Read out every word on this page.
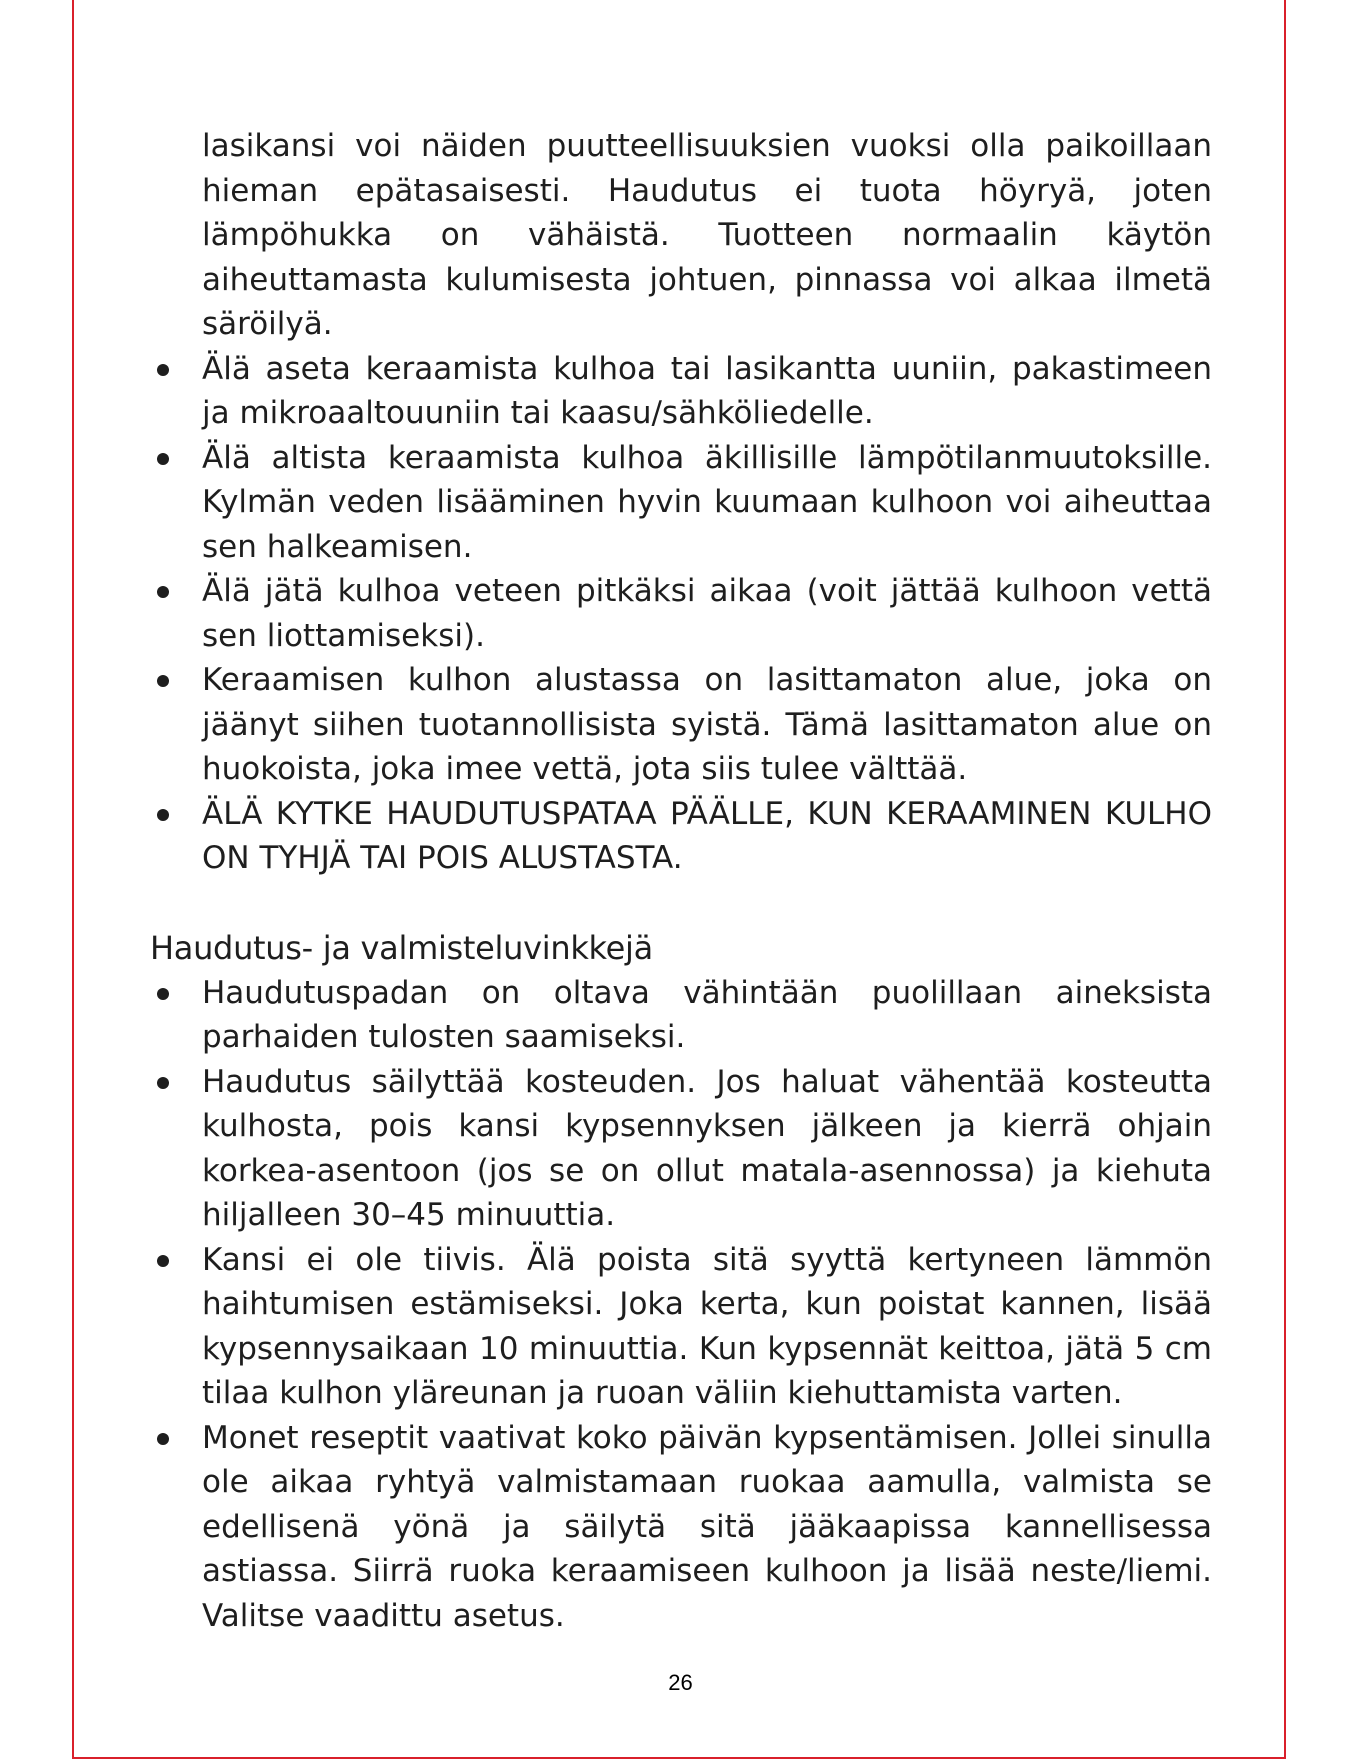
lasikansi voi näiden puutteellisuuksien vuoksi olla paikoillaan hieman epätasaisesti. Haudutus ei tuota höyryä, joten lämpöhukka on vähäistä. Tuotteen normaalin käytön aiheuttamasta kulumisesta johtuen, pinnassa voi alkaa ilmetä säröilyä.

Älä aseta keraamista kulhoa tai lasikantta uuniin, pakastimeen ja mikroaaltouuniin tai kaasu/sähköliedelle.
Älä altista keraamista kulhoa äkillisille lämpötilanmuutoksille. Kylmän veden lisääminen hyvin kuumaan kulhoon voi aiheuttaa sen halkeamisen.
Älä jätä kulhoa veteen pitkäksi aikaa (voit jättää kulhoon vettä sen liottamiseksi).
Keraamisen kulhon alustassa on lasittamaton alue, joka on jäänyt siihen tuotannollisista syistä. Tämä lasittamaton alue on huokoista, joka imee vettä, jota siis tulee välttää.
ÄLÄ KYTKE HAUDUTUSPATAA PÄÄLLE, KUN KERAAMINEN KULHO ON TYHJÄ TAI POIS ALUSTASTA.
Haudutus- ja valmisteluvinkkejä
Haudutuspadan on oltava vähintään puolillaan aineksista parhaiden tulosten saamiseksi.
Haudutus säilyttää kosteuden. Jos haluat vähentää kosteutta kulhosta, pois kansi kypsennyksen jälkeen ja kierrä ohjain korkea-asentoon (jos se on ollut matala-asennossa) ja kiehuta hiljalleen 30–45 minuuttia.
Kansi ei ole tiivis. Älä poista sitä syyttä kertyneen lämmön haihtumisen estämiseksi. Joka kerta, kun poistat kannen, lisää kypsennysaikaan 10 minuuttia. Kun kypsennät keittoa, jätä 5 cm tilaa kulhon yläreunan ja ruoan väliin kiehuttamista varten.
Monet reseptit vaativat koko päivän kypsentämisen. Jollei sinulla ole aikaa ryhtyä valmistamaan ruokaa aamulla, valmista se edellisenä yönä ja säilytä sitä jääkaapissa kannellisessa astiassa. Siirrä ruoka keraamiseen kulhoon ja lisää neste/liemi. Valitse vaadittu asetus.
26
